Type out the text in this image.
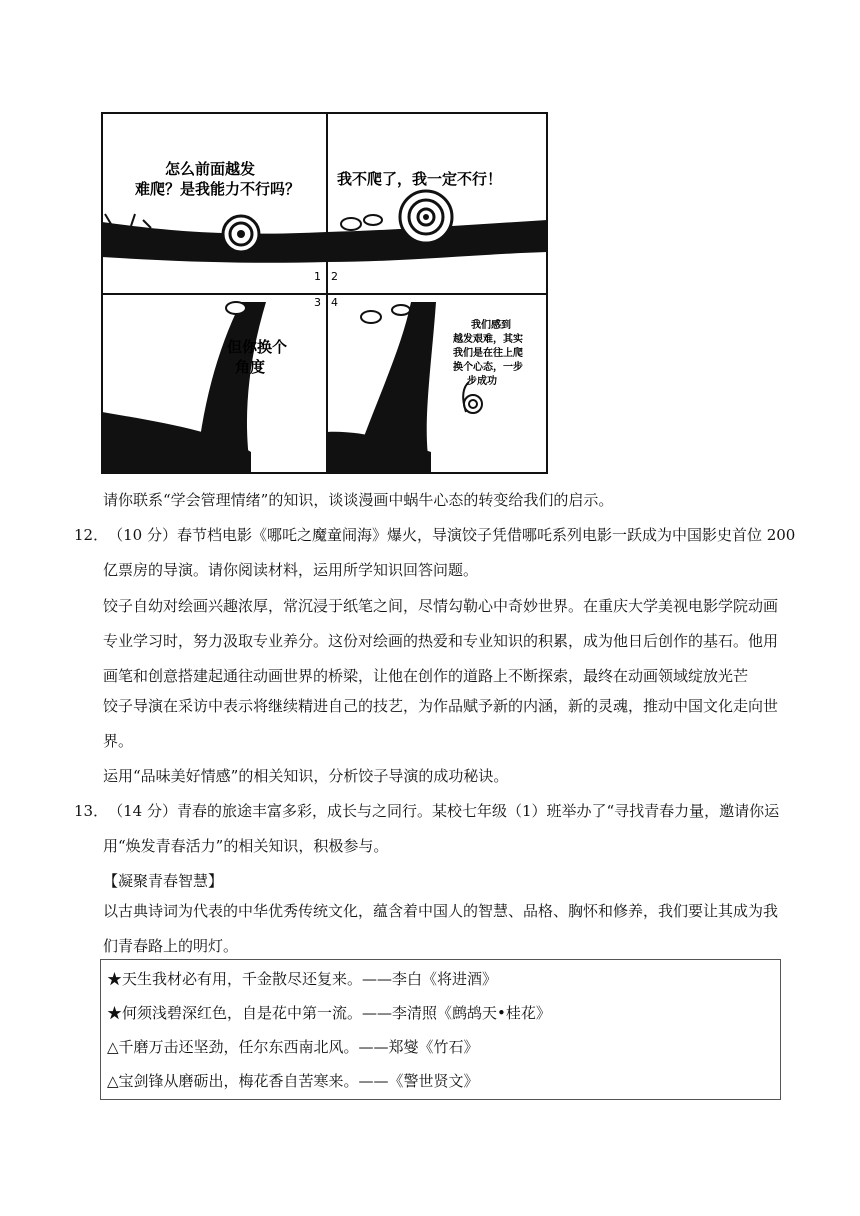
怎么前面越发
难爬？是我能力不行吗？
我不爬了，我一定不行！
但你换个
角度
我们感到
越发艰难，其实
我们是在往上爬
换个心态，一步
步成功
1 2
3 4
请你联系“学会管理情绪”的知识，谈谈漫画中蜗牛心态的转变给我们的启示。
12．（10 分）春节档电影《哪吒之魔童闹海》爆火，导演饺子凭借哪吒系列电影一跃成为中国影史首位 200
亿票房的导演。请你阅读材料，运用所学知识回答问题。
饺子自幼对绘画兴趣浓厚，常沉浸于纸笔之间，尽情勾勒心中奇妙世界。在重庆大学美视电影学院动画
专业学习时，努力汲取专业养分。这份对绘画的热爱和专业知识的积累，成为他日后创作的基石。他用
画笔和创意搭建起通往动画世界的桥梁，让他在创作的道路上不断探索，最终在动画领域绽放光芒
饺子导演在采访中表示将继续精进自己的技艺，为作品赋予新的内涵，新的灵魂，推动中国文化走向世
界。
运用“品味美好情感”的相关知识，分析饺子导演的成功秘诀。
13．（14 分）青春的旅途丰富多彩，成长与之同行。某校七年级（1）班举办了“寻找青春力量，邀请你运
用“焕发青春活力”的相关知识，积极参与。
【凝聚青春智慧】
以古典诗词为代表的中华优秀传统文化，蕴含着中国人的智慧、品格、胸怀和修养，我们要让其成为我
们青春路上的明灯。
★天生我材必有用，千金散尽还复来。——李白《将进酒》
★何须浅碧深红色，自是花中第一流。——李清照《鹧鸪天•桂花》
△千磨万击还坚劲，任尔东西南北风。——郑燮《竹石》
△宝剑锋从磨砺出，梅花香自苦寒来。——《警世贤文》
